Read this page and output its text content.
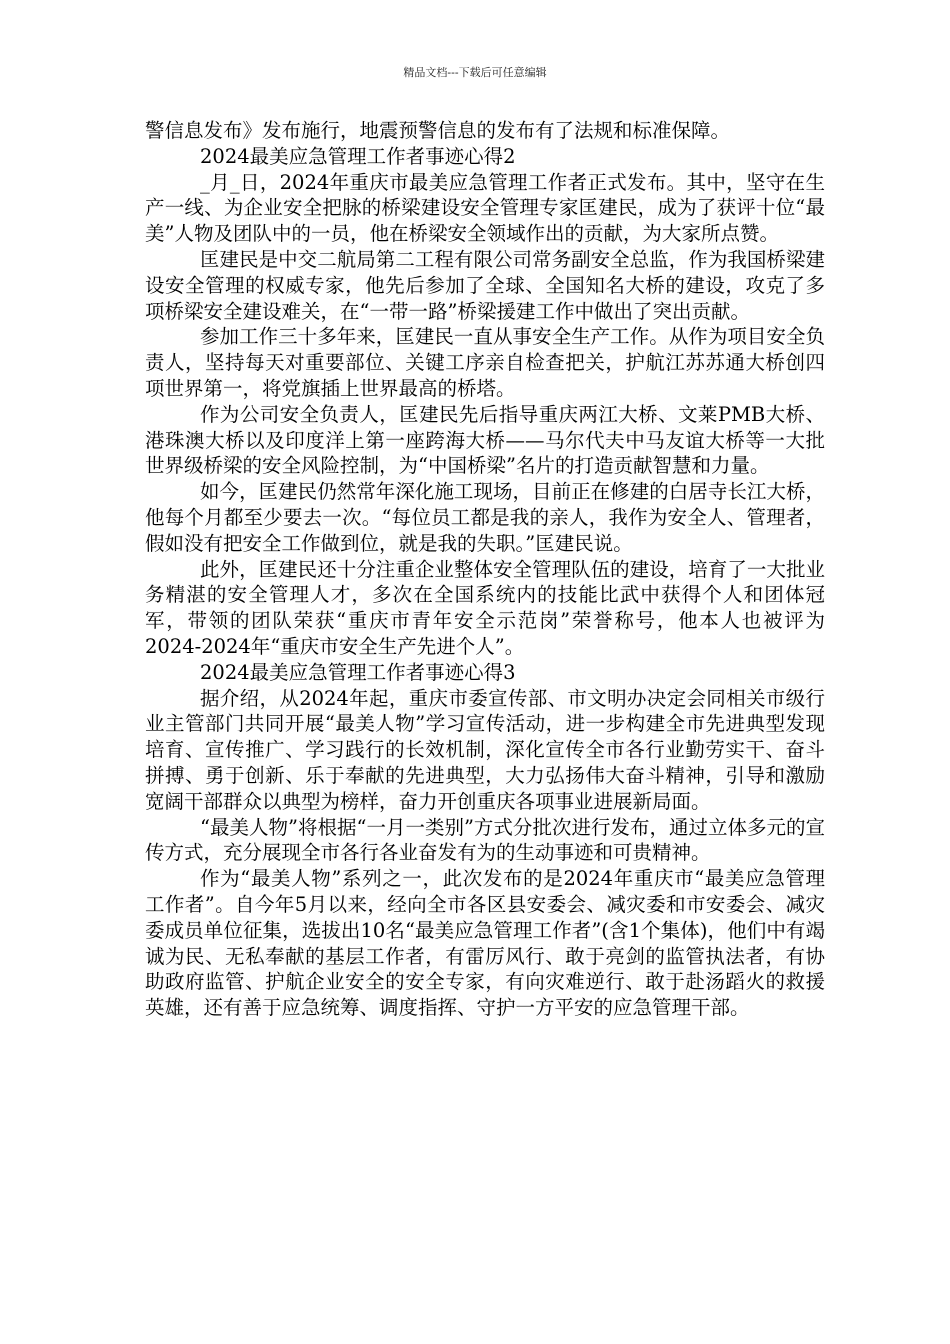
精品文档---下载后可任意编辑

警信息发布》发布施行，地震预警信息的发布有了法规和标准保障。

2024最美应急管理工作者事迹心得2

_月_日，2024年重庆市最美应急管理工作者正式发布。其中，坚守在生产一线、为企业安全把脉的桥梁建设安全管理专家匡建民，成为了获评十位“最美”人物及团队中的一员，他在桥梁安全领域作出的贡献，为大家所点赞。

匡建民是中交二航局第二工程有限公司常务副安全总监，作为我国桥梁建设安全管理的权威专家，他先后参加了全球、全国知名大桥的建设，攻克了多项桥梁安全建设难关，在“一带一路”桥梁援建工作中做出了突出贡献。

参加工作三十多年来，匡建民一直从事安全生产工作。从作为项目安全负责人，坚持每天对重要部位、关键工序亲自检查把关，护航江苏苏通大桥创四项世界第一，将党旗插上世界最高的桥塔。

作为公司安全负责人，匡建民先后指导重庆两江大桥、文莱PMB大桥、港珠澳大桥以及印度洋上第一座跨海大桥——马尔代夫中马友谊大桥等一大批世界级桥梁的安全风险控制，为“中国桥梁”名片的打造贡献智慧和力量。

如今，匡建民仍然常年深化施工现场，目前正在修建的白居寺长江大桥，他每个月都至少要去一次。“每位员工都是我的亲人，我作为安全人、管理者，假如没有把安全工作做到位，就是我的失职。”匡建民说。

此外，匡建民还十分注重企业整体安全管理队伍的建设，培育了一大批业务精湛的安全管理人才，多次在全国系统内的技能比武中获得个人和团体冠军，带领的团队荣获“重庆市青年安全示范岗”荣誉称号，他本人也被评为2024-2024年“重庆市安全生产先进个人”。

2024最美应急管理工作者事迹心得3

据介绍，从2024年起，重庆市委宣传部、市文明办决定会同相关市级行业主管部门共同开展“最美人物”学习宣传活动，进一步构建全市先进典型发现培育、宣传推广、学习践行的长效机制，深化宣传全市各行业勤劳实干、奋斗拼搏、勇于创新、乐于奉献的先进典型，大力弘扬伟大奋斗精神，引导和激励宽阔干部群众以典型为榜样，奋力开创重庆各项事业进展新局面。

“最美人物”将根据“一月一类别”方式分批次进行发布，通过立体多元的宣传方式，充分展现全市各行各业奋发有为的生动事迹和可贵精神。

作为“最美人物”系列之一，此次发布的是2024年重庆市“最美应急管理工作者”。自今年5月以来，经向全市各区县安委会、减灾委和市安委会、减灾委成员单位征集，选拔出10名“最美应急管理工作者”(含1个集体)，他们中有竭诚为民、无私奉献的基层工作者，有雷厉风行、敢于亮剑的监管执法者，有协助政府监管、护航企业安全的安全专家，有向灾难逆行、敢于赴汤蹈火的救援英雄，还有善于应急统筹、调度指挥、守护一方平安的应急管理干部。
